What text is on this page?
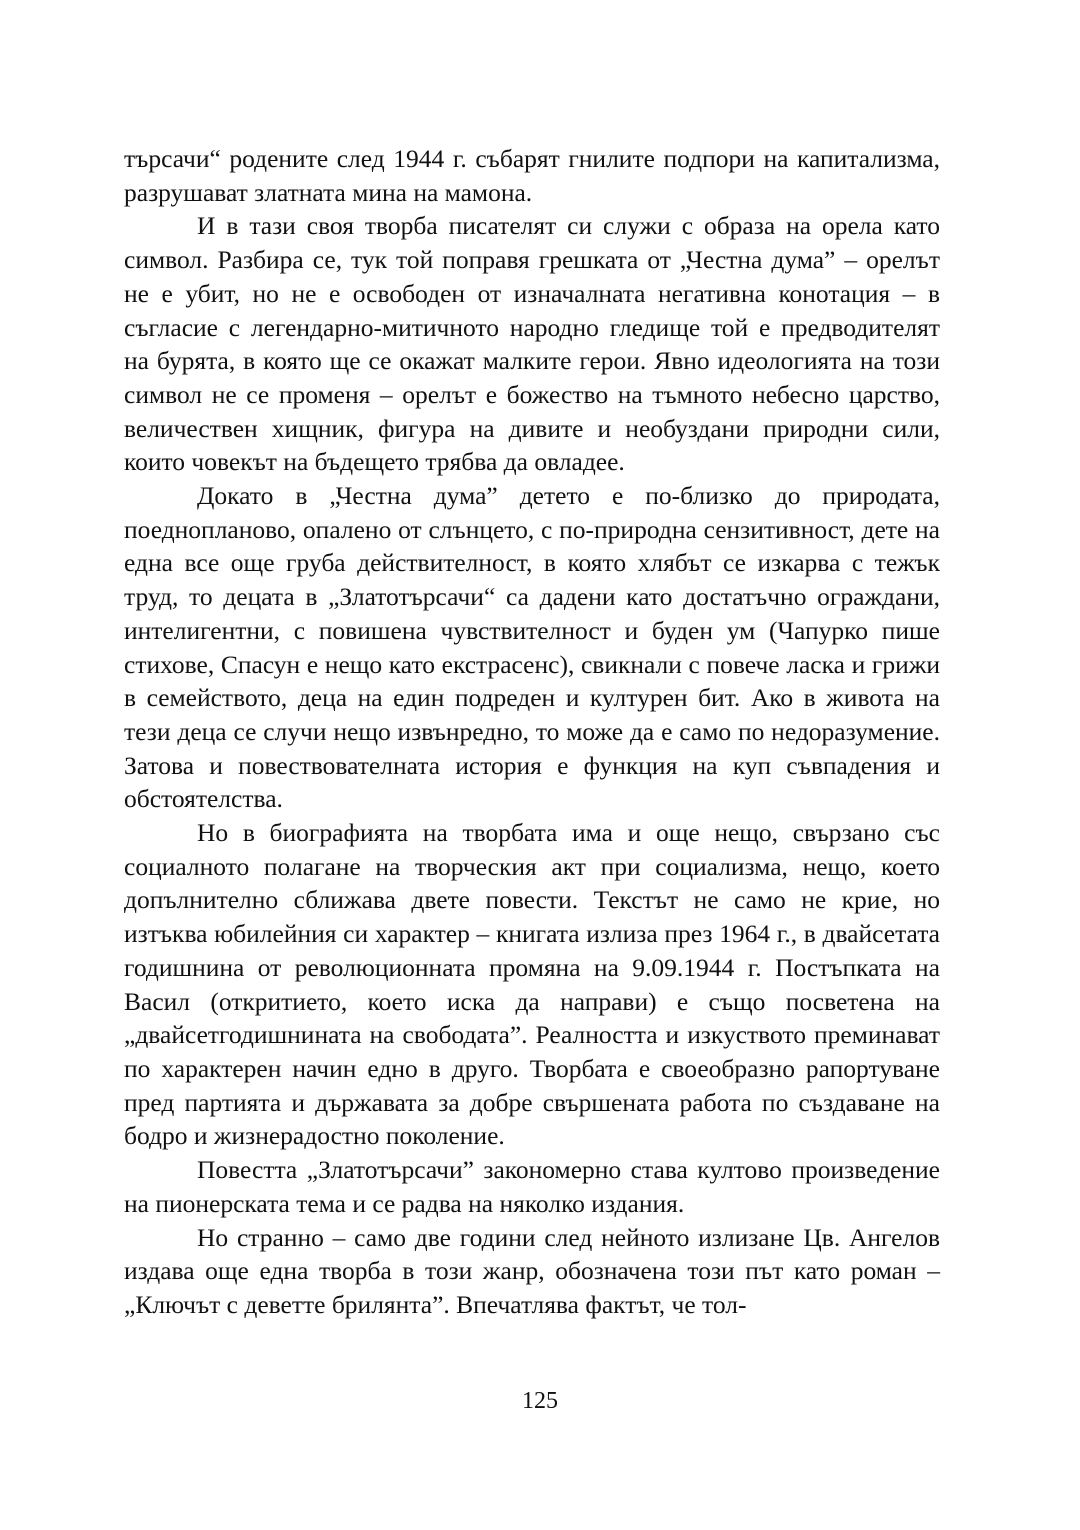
търсачи“ родените след 1944 г. събарят гнилите подпори на капитализма, разрушават златната мина на мамона.

И в тази своя творба писателят си служи с образа на орела като символ. Разбира се, тук той поправя грешката от „Честна дума” – орелът не е убит, но не е освободен от изначалната негативна конотация – в съгласие с легендарно-митичното народно гледище той е предводителят на бурята, в която ще се окажат малките герои. Явно идеологията на този символ не се променя – орелът е божество на тъмното небесно царство, величествен хищник, фигура на дивите и необуздани природни сили, които човекът на бъдещето трябва да овладее.

Докато в „Честна дума” детето е по-близко до природата, поеднопланово, опалено от слънцето, с по-природна сензитивност, дете на една все още груба действителност, в която хлябът се изкарва с тежък труд, то децата в „Златотърсачи“ са дадени като достатъчно ограждани, интелигентни, с повишена чувствителност и буден ум (Чапурко пише стихове, Спасун е нещо като екстрасенс), свикнали с повече ласка и грижи в семейството, деца на един подреден и културен бит. Ако в живота на тези деца се случи нещо извънредно, то може да е само по недоразумение. Затова и повествователната история е функция на куп съвпадения и обстоятелства.

Но в биографията на творбата има и още нещо, свързано със социалното полагане на творческия акт при социализма, нещо, което допълнително сближава двете повести. Текстът не само не крие, но изтъква юбилейния си характер – книгата излиза през 1964 г., в двайсетата годишнина от революционната промяна на 9.09.1944 г. Постъпката на Васил (откритието, което иска да направи) е също посветена на „двайсетгодишнината на свободата”. Реалността и изкуството преминават по характерен начин едно в друго. Творбата е своеобразно рапортуване пред партията и държавата за добре свършената работа по създаване на бодро и жизнерадостно поколение.

Повестта „Златотърсачи” закономерно става култово произведение на пионерската тема и се радва на няколко издания.

Но странно – само две години след нейното излизане Цв. Ангелов издава още една творба в този жанр, обозначена този път като роман – „Ключът с деветте брилянта”. Впечатлява фактът, че тол-

125
